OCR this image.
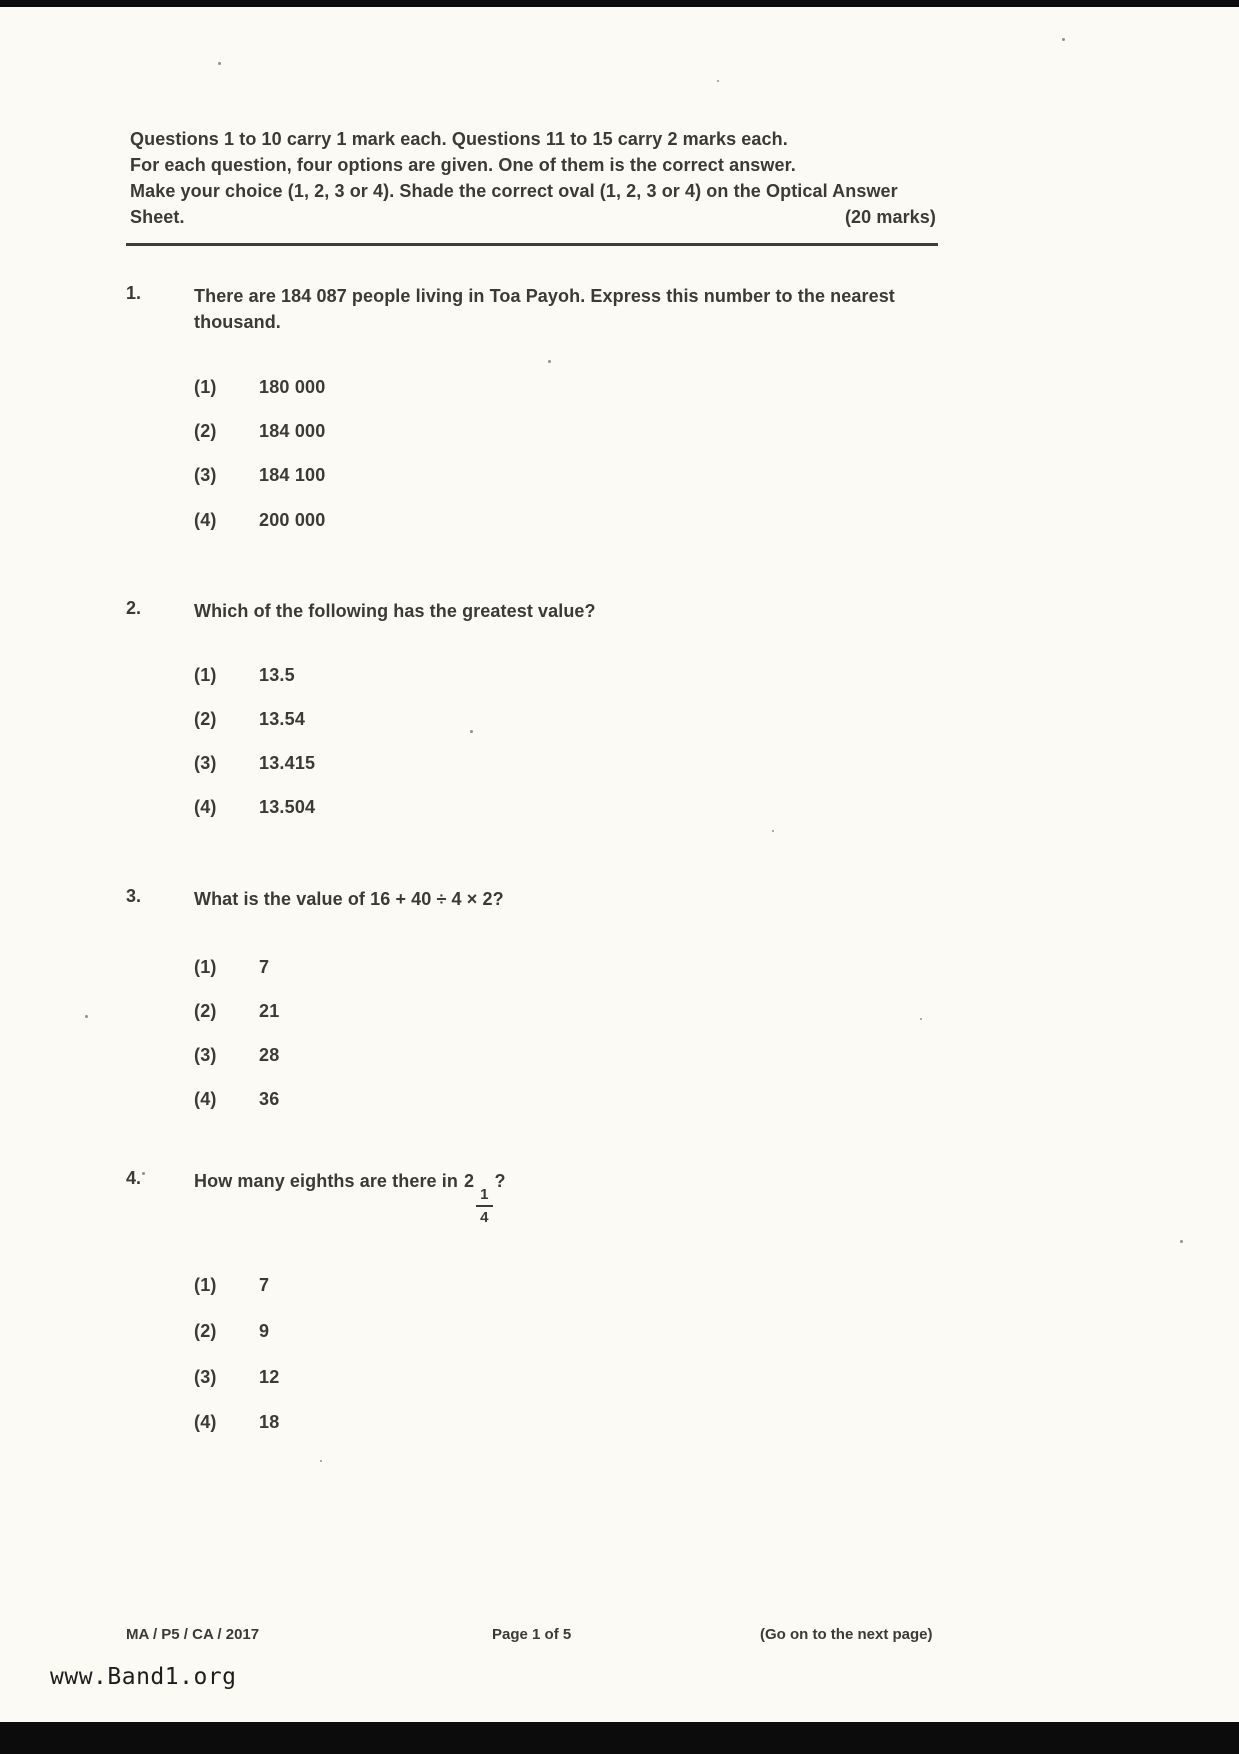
Questions 1 to 10 carry 1 mark each. Questions 11 to 15 carry 2 marks each.
For each question, four options are given. One of them is the correct answer.
Make your choice (1, 2, 3 or 4). Shade the correct oval (1, 2, 3 or 4) on the Optical Answer
Sheet.	(20 marks)
1.	There are 184 087 people living in Toa Payoh. Express this number to the nearest thousand.
(1)	180 000
(2)	184 000
(3)	184 100
(4)	200 000
2.	Which of the following has the greatest value?
(1)	13.5
(2)	13.54
(3)	13.415
(4)	13.504
3.	What is the value of 16 + 40 ÷ 4 × 2?
(1)	7
(2)	21
(3)	28
(4)	36
4.	How many eighths are there in 2
$\frac{1}{4}$
?
(1)	7
(2)	9
(3)	12
(4)	18
MA / P5 / CA / 2017	Page 1 of 5	(Go on to the next page)
www.Band1.org
